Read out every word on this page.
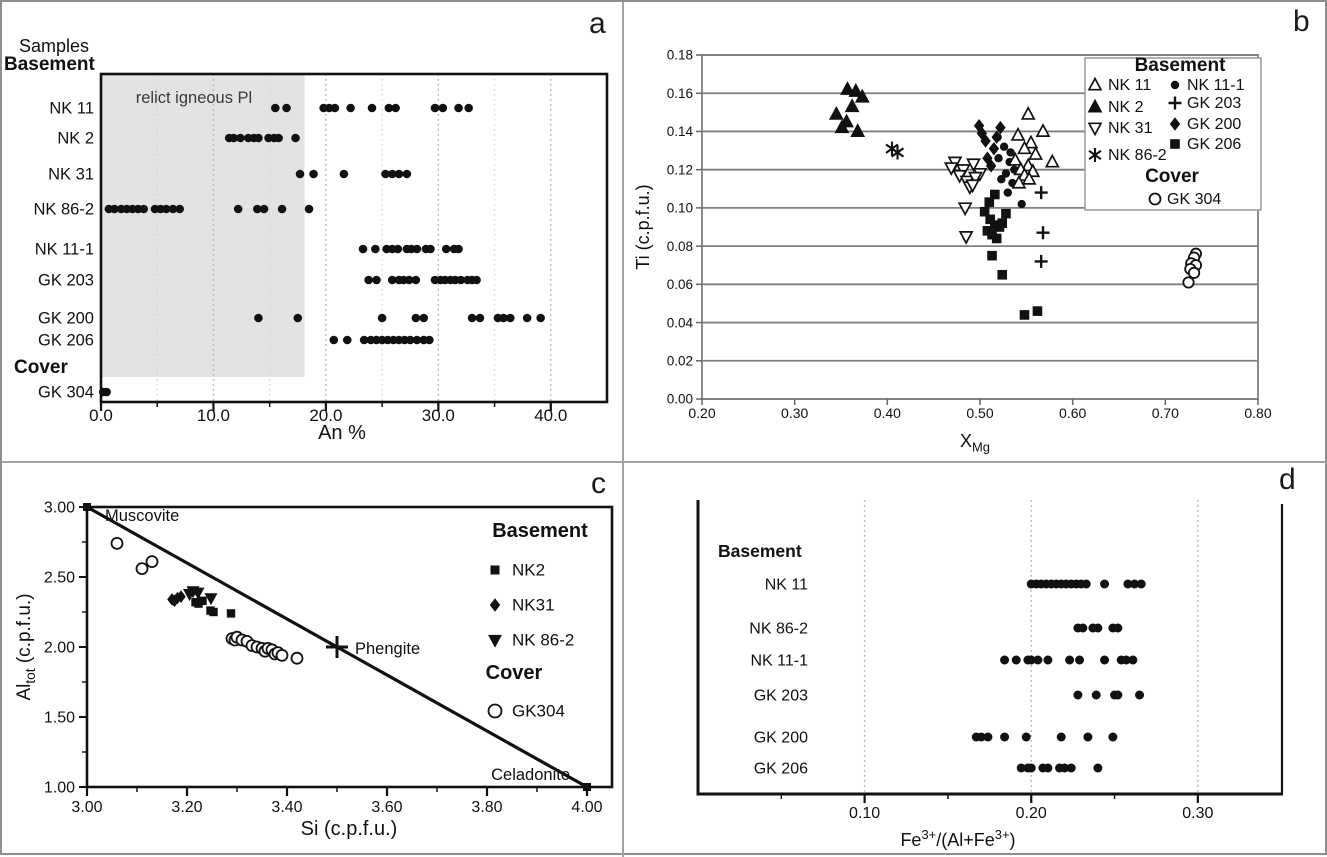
0.0	10.0	20.0	30.0	40.0
An %
NK 11
NK 2
NK 31
NK 86-2
NK 11-1
GK 203
GK 200
GK 206
GK 304
Samples
Basement
Cover
relict igneous Pl
0.20	0.30	0.40	0.50	0.60	0.70	0.80
0.00
0.02
0.04
0.06
0.08
0.10
0.12
0.14
0.16
0.18
$X_{Mg}$
Ti (c.p.f.u.)
Basement
NK 11
NK 2
NK 31
NK 86-2
NK 11-1
GK 203
GK 200
GK 206
Cover
GK 304
3.00	3.20	3.40	3.60	3.80	4.00
3.00
2.50
2.00
1.50
1.00
Si (c.p.f.u.)
$Al_{tot}$ (c.p.f.u.)
Muscovite
Phengite
Celadonite
Basement
NK2
NK31
NK 86-2
Cover
GK304
0.10	0.20	0.30
$Fe^{3+}/(Al+Fe^{3+})$
NK 11
NK 86-2
NK 11-1
GK 203
GK 200
GK 206
Basement
a	b
c	d
